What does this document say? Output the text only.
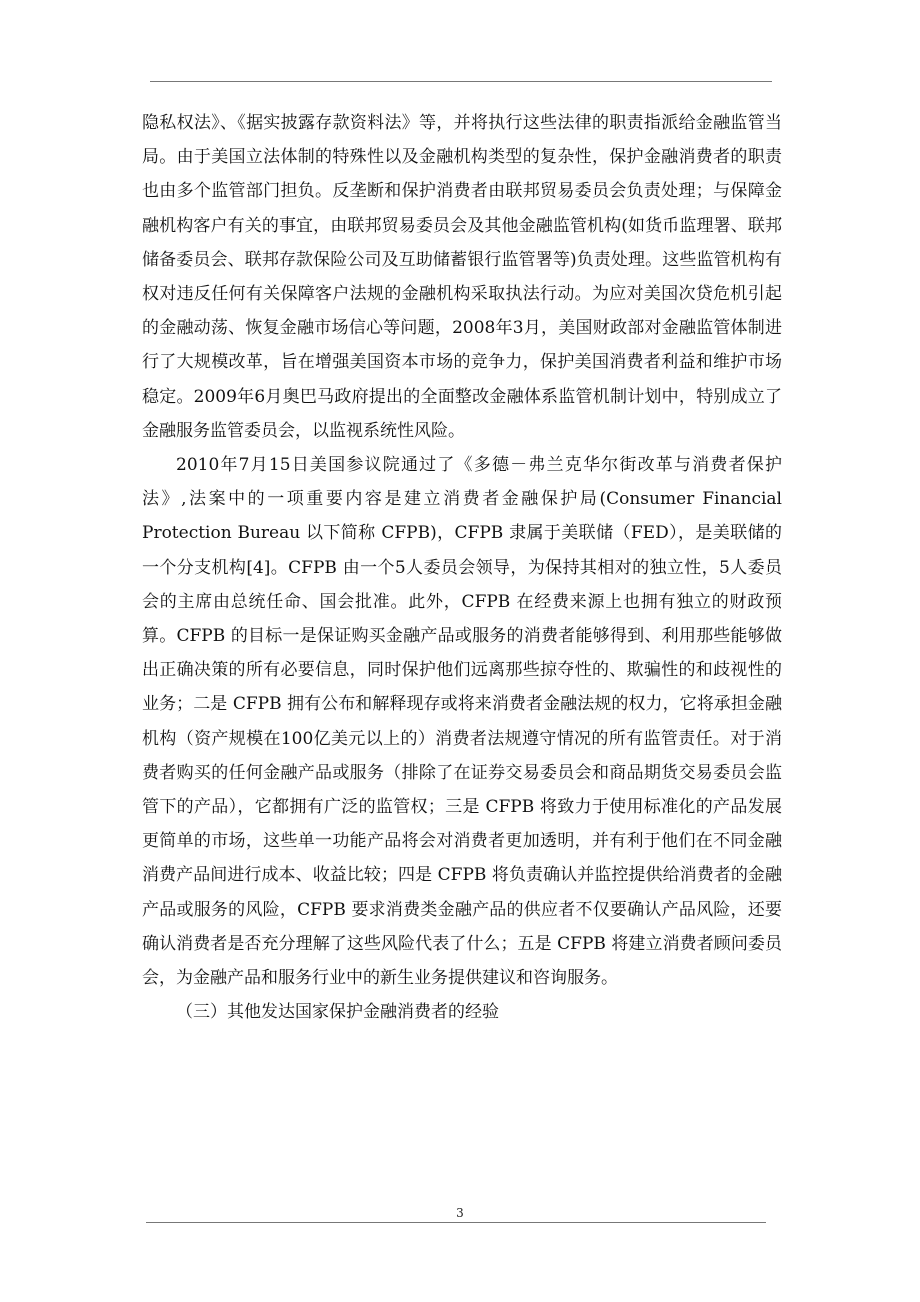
隐私权法》、《据实披露存款资料法》等，并将执行这些法律的职责指派给金融监管当局。由于美国立法体制的特殊性以及金融机构类型的复杂性，保护金融消费者的职责也由多个监管部门担负。反垄断和保护消费者由联邦贸易委员会负责处理；与保障金融机构客户有关的事宜，由联邦贸易委员会及其他金融监管机构(如货币监理署、联邦储备委员会、联邦存款保险公司及互助储蓄银行监管署等)负责处理。这些监管机构有权对违反任何有关保障客户法规的金融机构采取执法行动。为应对美国次贷危机引起的金融动荡、恢复金融市场信心等问题，2008年3月，美国财政部对金融监管体制进行了大规模改革，旨在增强美国资本市场的竞争力，保护美国消费者利益和维护市场稳定。2009年6月奥巴马政府提出的全面整改金融体系监管机制计划中，特别成立了金融服务监管委员会，以监视系统性风险。

2010年7月15日美国参议院通过了《多德－弗兰克华尔街改革与消费者保护法》,法案中的一项重要内容是建立消费者金融保护局(Consumer Financial Protection Bureau 以下简称 CFPB)，CFPB 隶属于美联储（FED），是美联储的一个分支机构[4]。CFPB 由一个5人委员会领导，为保持其相对的独立性，5人委员会的主席由总统任命、国会批准。此外，CFPB 在经费来源上也拥有独立的财政预算。CFPB 的目标一是保证购买金融产品或服务的消费者能够得到、利用那些能够做出正确决策的所有必要信息，同时保护他们远离那些掠夺性的、欺骗性的和歧视性的业务；二是 CFPB 拥有公布和解释现存或将来消费者金融法规的权力，它将承担金融机构（资产规模在100亿美元以上的）消费者法规遵守情况的所有监管责任。对于消费者购买的任何金融产品或服务（排除了在证券交易委员会和商品期货交易委员会监管下的产品），它都拥有广泛的监管权；三是 CFPB 将致力于使用标准化的产品发展更简单的市场，这些单一功能产品将会对消费者更加透明，并有利于他们在不同金融消费产品间进行成本、收益比较；四是 CFPB 将负责确认并监控提供给消费者的金融产品或服务的风险，CFPB 要求消费类金融产品的供应者不仅要确认产品风险，还要确认消费者是否充分理解了这些风险代表了什么；五是 CFPB 将建立消费者顾问委员会，为金融产品和服务行业中的新生业务提供建议和咨询服务。

（三）其他发达国家保护金融消费者的经验

3
